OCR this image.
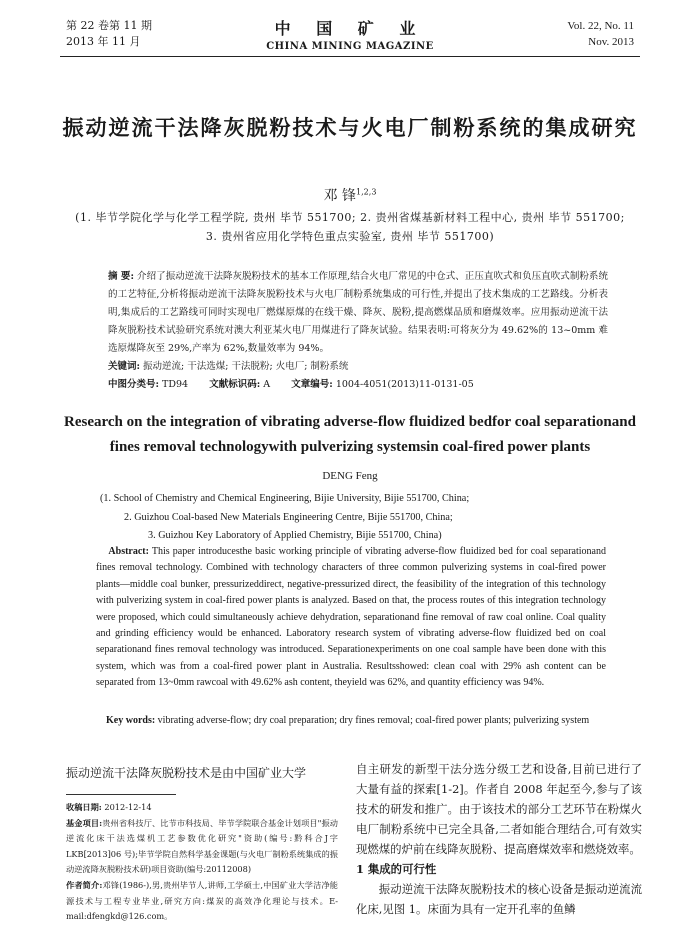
第 22 卷第 11 期
2013 年 11 月
中 国 矿 业
CHINA MINING MAGAZINE
Vol. 22, No. 11
Nov. 2013
振动逆流干法降灰脱粉技术与火电厂制粉系统的集成研究
邓 锋$^{1,2,3}$
(1. 毕节学院化学与化学工程学院, 贵州 毕节 551700; 2. 贵州省煤基新材料工程中心, 贵州 毕节 551700; 3. 贵州省应用化学特色重点实验室, 贵州 毕节 551700)
摘 要: 介绍了振动逆流干法降灰脱粉技术的基本工作原理,结合火电厂常见的中仓式、正压直吹式和负压直吹式制粉系统的工艺特征,分析将振动逆流干法降灰脱粉技术与火电厂制粉系统集成的可行性,并提出了技术集成的工艺路线。分析表明,集成后的工艺路线可同时实现电厂燃煤原煤的在线干燥、降灰、脱粉,提高燃煤品质和磨煤效率。应用振动逆流干法降灰脱粉技术试验研究系统对澳大利亚某火电厂用煤进行了降灰试验。结果表明:可将灰分为 49.62%的 13~0mm 难选原煤降灰至 29%,产率为 62%,数量效率为 94%。
关键词: 振动逆流; 干法选煤; 干法脱粉; 火电厂; 制粉系统
中图分类号: TD94 文献标识码: A 文章编号: 1004-4051(2013)11-0131-05
Research on the integration of vibrating adverse-flow fluidized bedfor coal separationand fines removal technologywith pulverizing systemsin coal-fired power plants
DENG Feng
(1. School of Chemistry and Chemical Engineering, Bijie University, Bijie 551700, China;
2. Guizhou Coal-based New Materials Engineering Centre, Bijie 551700, China;
3. Guizhou Key Laboratory of Applied Chemistry, Bijie 551700, China)
Abstract: This paper introducesthe basic working principle of vibrating adverse-flow fluidized bed for coal separationand fines removal technology. Combined with technology characters of three common pulverizing systems in coal-fired power plants—middle coal bunker, pressurizeddirect, negative-pressurized direct, the feasibility of the integration of this technology with pulverizing system in coal-fired power plants is analyzed. Based on that, the process routes of this integration technology were proposed, which could simultaneously achieve dehydration, separationand fine removal of raw coal online. Coal quality and grinding efficiency would be enhanced. Laboratory research system of vibrating adverse-flow fluidized bed on coal separationand fines removal technology was introduced. Separationexperiments on one coal sample have been done with this system, which was from a coal-fired power plant in Australia. Resultsshowed: clean coal with 29% ash content can be separated from 13~0mm rawcoal with 49.62% ash content, theyield was 62%, and quantity efficiency was 94%.
Key words: vibrating adverse-flow; dry coal preparation; dry fines removal; coal-fired power plants; pulverizing system
振动逆流干法降灰脱粉技术是由中国矿业大学
收稿日期: 2012-12-14
基金项目:贵州省科技厅、比节市科技局、毕节学院联合基金计划项目"振动逆流化床干法选煤机工艺参数优化研究"资助(编号:黔科合J字 LKB[2013]06 号);毕节学院自然科学基金课题(与火电厂制粉系统集成的振动逆流降灰脱粉技术研)项目资助(编号:20112008)
作者简介:邓锋(1986-),男,贵州毕节人,讲师,工学硕士,中国矿业大学洁净能源技术与工程专业毕业,研究方向:煤炭的高效净化理论与技术。E-mail:dfengkd@126.com。
自主研发的新型干法分选分级工艺和设备,目前已进行了大量有益的探索[1-2]。作者自 2008 年起至今,参与了该技术的研发和推广。由于该技术的部分工艺环节在粉煤火电厂制粉系统中已完全具备,二者如能合理结合,可有效实现燃煤的炉前在线降灰脱粉、提高磨煤效率和燃烧效率。
1 集成的可行性
振动逆流干法降灰脱粉技术的核心设备是振动逆流流化床,见图 1。床面为具有一定开孔率的鱼鳞
